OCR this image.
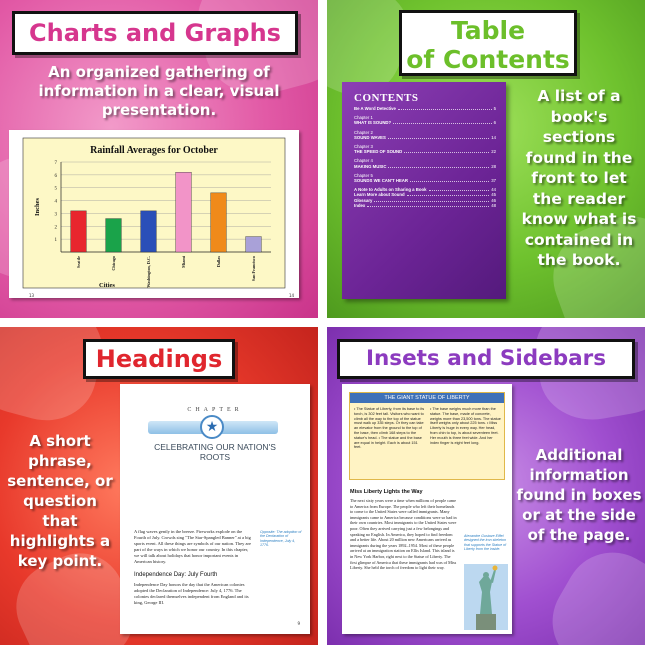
Charts and Graphs
An organized gathering of information in a clear, visual presentation.
Rainfall Averages for October
1
2
3
4
5
6
7
Seattle	Chicago	Washington, D.C.	Miami	Dallas	San Francisco
Inches
Cities
13	14
Table
of Contents
CONTENTS
Be A Word Detective	5
Chapter 1
WHAT IS SOUND?	6
Chapter 2
SOUND WAVES	14
Chapter 3
THE SPEED OF SOUND	22
Chapter 4
MAKING MUSIC	28
Chapter 5
SOUNDS WE CAN'T HEAR	37
A Note to Adults on Sharing a Book	44
Learn More about Sound	45
Glossary	46
Index	48
A list of a book's sections found in the front to let the reader know what is contained in the book.
Headings
A short phrase, sentence, or question that highlights a key point.
CHAPTER
★
CELEBRATING OUR NATION'S ROOTS
A flag waves gently in the breeze. Fireworks explode on the Fourth of July. Crowds sing "The Star-Spangled Banner" at a big sports event. All these things are symbols of our nation. They are part of the ways in which we honor our country. In this chapter, we will talk about holidays that honor important events in American history.
Independence Day: July Fourth
Independence Day honors the day that the American colonies adopted the Declaration of Independence: July 4, 1776. The colonies declared themselves independent from England and its king, George III.
Opposite: The adoption of the Declaration of Independence, July 4, 1776.
9
Insets and Sidebars
THE GIANT STATUE OF LIBERTY
• The Statue of Liberty, from its base to its torch, is 302 feet tall. Visitors who want to climb all the way to the top of the statue must walk up 335 steps. Or they can take an elevator from the ground to the top of the base, then climb 168 steps to the statue's head. • The statue and the base are equal in height. Each is about 151 feet.
• The base weighs much more than the statue. The base, made of concrete, weighs more than 23,500 tons. The statue itself weighs only about 225 tons. • Miss Liberty is huge in every way. Her head, from chin to top, is about seventeen feet. Her mouth is three feet wide. And her index finger is eight feet long.
Miss Liberty Lights the Way
The next sixty years were a time when millions of people came to America from Europe. The people who left their homelands to come to the United States were called immigrants. Many immigrants came to America because conditions were so bad in their own countries. Most immigrants to the United States were poor. Often they arrived carrying just a few belongings and speaking no English. In America, they hoped to find freedom and a better life. About 20 million new Americans arrived as immigrants during the years 1892–1954. Most of these people arrived at an immigration station on Ellis Island. This island is in New York Harbor, right next to the Statue of Liberty. The first glimpse of America that these immigrants had was of Miss Liberty. She held the torch of freedom to light their way.
Alexandre Gustave Eiffel designed the iron skeleton that supports the Statue of Liberty from the inside.
Additional information found in boxes or at the side of the page.
